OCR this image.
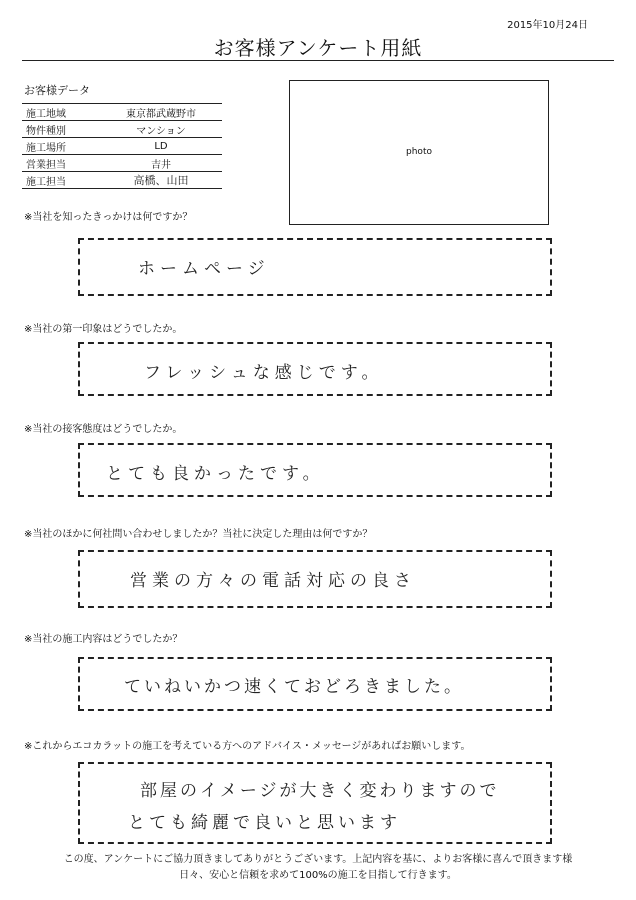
2015年10月24日
お客様アンケート用紙
お客様データ
施工地域	東京都武蔵野市
物件種別	マンション
施工場所	LD
営業担当	吉井
施工担当	高橋、山田
photo
※当社を知ったきっかけは何ですか？
ホームページ
※当社の第一印象はどうでしたか。
フレッシュな感じです。
※当社の接客態度はどうでしたか。
とても良かったです。
※当社のほかに何社問い合わせしましたか？当社に決定した理由は何ですか？
営業の方々の電話対応の良さ
※当社の施工内容はどうでしたか？
ていねいかつ速くておどろきました。
※これからエコカラットの施工を考えている方へのアドバイス・メッセージがあればお願いします。
部屋のイメージが大きく変わりますので
とても綺麗で良いと思います
この度、アンケートにご協力頂きましてありがとうございます。上記内容を基に、よりお客様に喜んで頂きます様
日々、安心と信頼を求めて100%の施工を目指して行きます。
